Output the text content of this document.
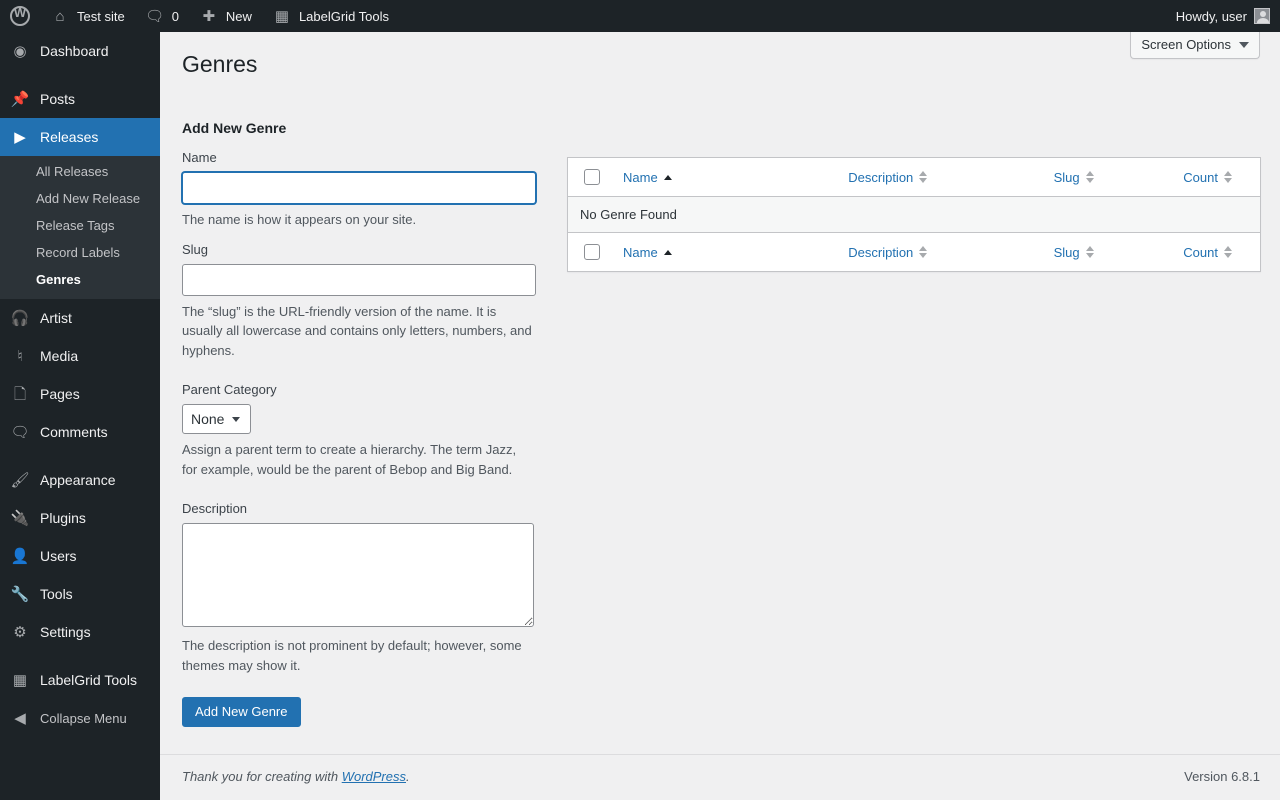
W
⌂ Test site 🗨 0 ✚ New ▦ LabelGrid Tools	Howdy, user
◉ Dashboard
📌 Posts
▶	Releases
All Releases
Add New Release
Release Tags
Record Labels
Genres
🎧 Artist
♮	Media
🗋 Pages
🗨 Comments
🖌 Appearance
🔌 Plugins
👤 Users
🔧 Tools
⚙ Settings
▦ LabelGrid Tools
◀	Collapse Menu
Screen Options
Genres
Add New Genre
Name

The name is how it appears on your site.

Slug

The “slug” is the URL-friendly version of the name. It is usually all lowercase and contains only letters, numbers, and hyphens.

Parent Category
None

Assign a parent term to create a hierarchy. The term Jazz, for example, would be the parent of Bebop and Big Band.

Description

The description is not prominent by default; however, some themes may show it.

Add New Genre

Name	Description	Slug	Count

No Genre Found				

Name	Description	Slug	Count
Thank you for creating with WordPress.	Version 6.8.1
